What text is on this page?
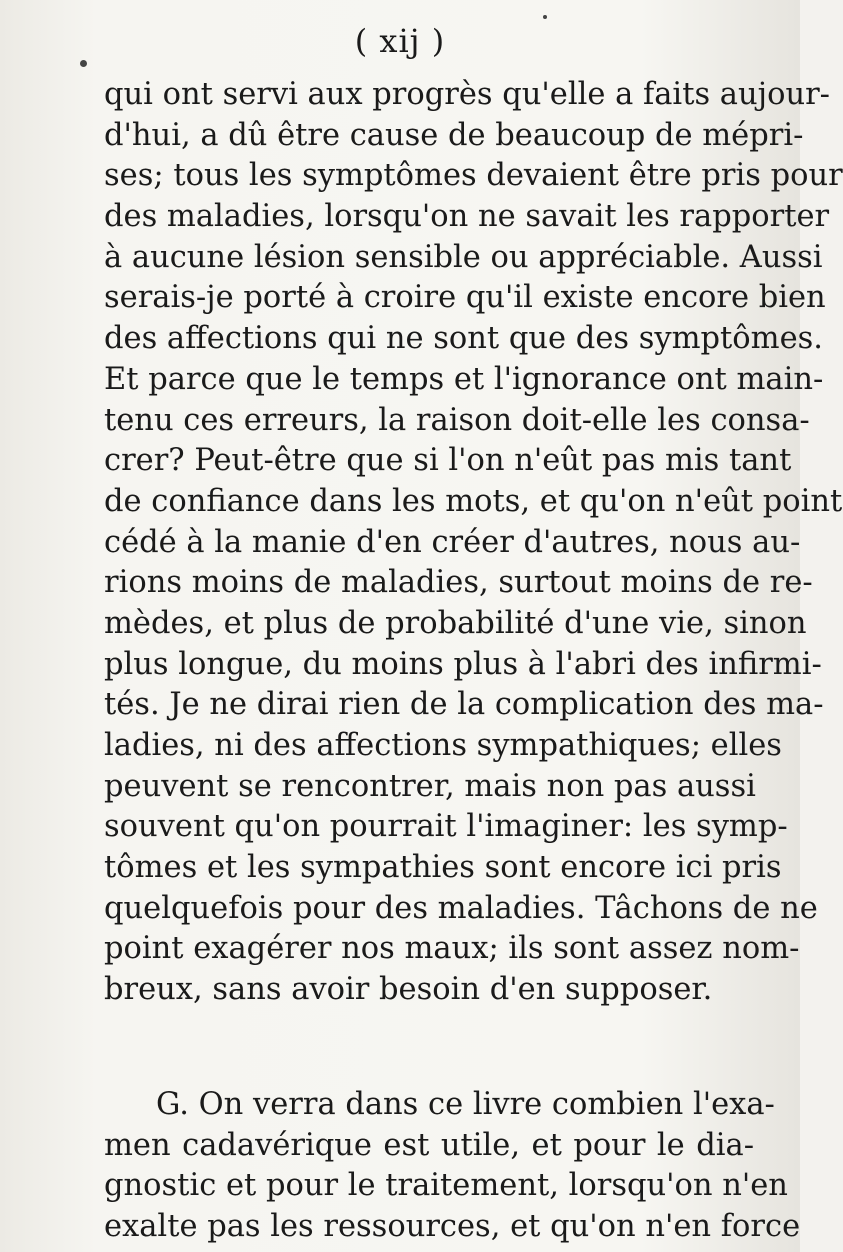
( xij )
qui ont servi aux progrès qu'elle a faits aujour-
d'hui, a dû être cause de beaucoup de mépri-
ses; tous les symptômes devaient être pris pour
des maladies, lorsqu'on ne savait les rapporter
à aucune lésion sensible ou appréciable. Aussi
serais-je porté à croire qu'il existe encore bien
des affections qui ne sont que des symptômes.
Et parce que le temps et l'ignorance ont main-
tenu ces erreurs, la raison doit-elle les consa-
crer? Peut-être que si l'on n'eût pas mis tant
de confiance dans les mots, et qu'on n'eût point
cédé à la manie d'en créer d'autres, nous au-
rions moins de maladies, surtout moins de re-
mèdes, et plus de probabilité d'une vie, sinon
plus longue, du moins plus à l'abri des infirmi-
tés. Je ne dirai rien de la complication des ma-
ladies, ni des affections sympathiques; elles
peuvent se rencontrer, mais non pas aussi
souvent qu'on pourrait l'imaginer: les symp-
tômes et les sympathies sont encore ici pris
quelquefois pour des maladies. Tâchons de ne
point exagérer nos maux; ils sont assez nom-
breux, sans avoir besoin d'en supposer.
G. On verra dans ce livre combien l'exa-
men cadavérique est utile, et pour le dia-
gnostic et pour le traitement, lorsqu'on n'en
exalte pas les ressources, et qu'on n'en force
